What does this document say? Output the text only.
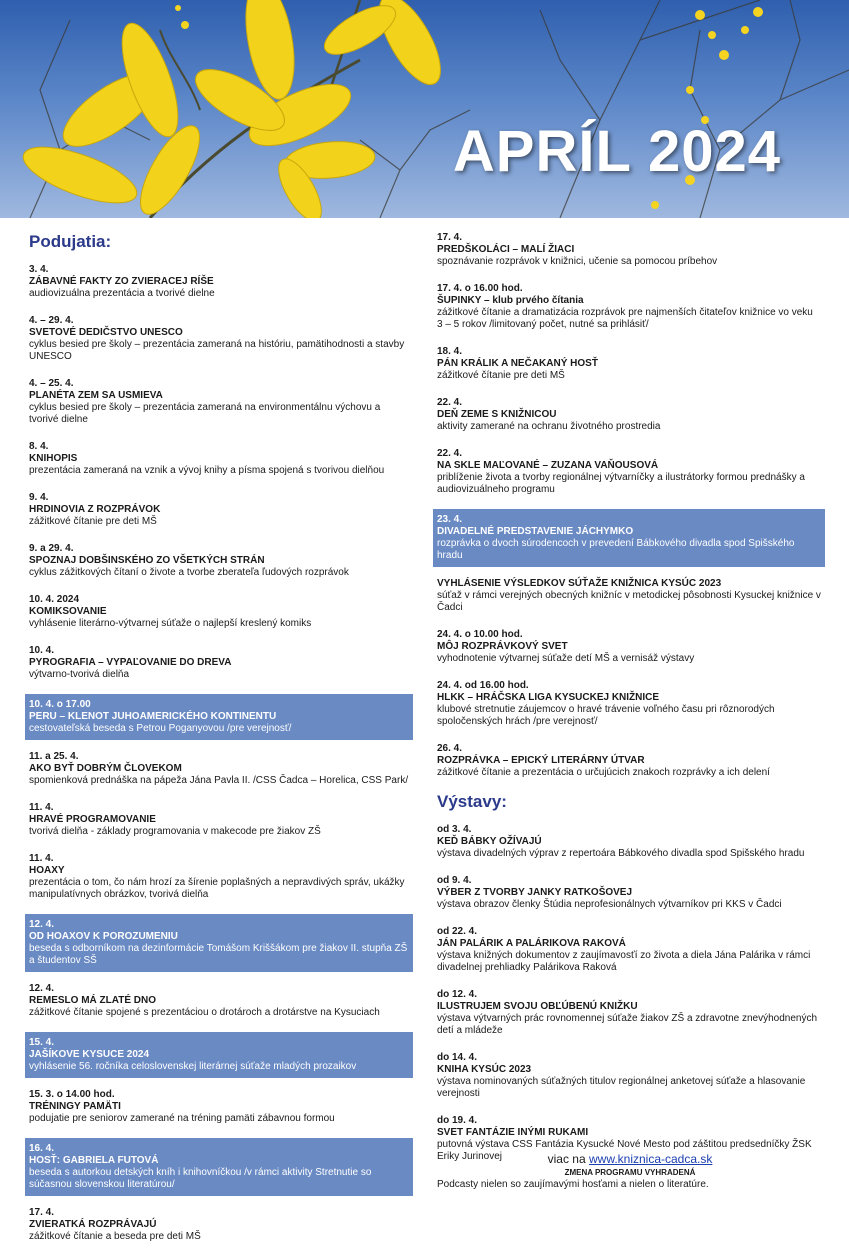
APRÍL 2024
Podujatia:
3. 4.
ZÁBAVNÉ FAKTY ZO ZVIERACEJ RÍŠE
audiovizuálna prezentácia a tvorivé dielne
4. – 29. 4.
SVETOVÉ DEDIČSTVO UNESCO
cyklus besied pre školy – prezentácia zameraná na históriu, pamätihodnosti a stavby UNESCO
4. – 25. 4.
PLANÉTA ZEM SA USMIEVA
cyklus besied pre školy – prezentácia zameraná na environmentálnu výchovu a tvorivé dielne
8. 4.
KNIHOPIS
prezentácia zameraná na vznik a vývoj knihy a písma spojená s tvorivou dielňou
9. 4.
HRDINOVIA Z ROZPRÁVOK
zážitkové čítanie pre deti MŠ
9. a 29. 4.
SPOZNAJ DOBŠINSKÉHO ZO VŠETKÝCH STRÁN
cyklus zážitkových čítaní o živote a tvorbe zberateľa ľudových rozprávok
10. 4. 2024
KOMIKSOVANIE
vyhlásenie literárno-výtvarnej súťaže o najlepší kreslený komiks
10. 4.
PYROGRAFIA – VYPAĽOVANIE DO DREVA
výtvarno-tvorivá dielňa
10. 4. o 17.00
PERU – KLENOT JUHOAMERICKÉHO KONTINENTU
cestovateľská beseda s Petrou Poganyovou /pre verejnosť/
11. a 25. 4.
AKO BYŤ DOBRÝM ČLOVEKOM
spomienková prednáška na pápeža Jána Pavla II. /CSS Čadca – Horelica, CSS Park/
11. 4.
HRAVÉ PROGRAMOVANIE
tvorivá dielňa - základy programovania v makecode pre žiakov ZŠ
11. 4.
HOAXY
prezentácia o tom, čo nám hrozí za šírenie poplašných a nepravdivých správ, ukážky manipulatívnych obrázkov, tvorivá dielňa
12. 4.
OD HOAXOV K POROZUMENIU
beseda s odborníkom na dezinformácie Tomášom Kriššákom pre žiakov II. stupňa ZŠ a študentov SŠ
12. 4.
REMESLO MÁ ZLATÉ DNO
zážitkové čítanie spojené s prezentáciou o drotároch a drotárstve na Kysuciach
15. 4.
JAŠÍKOVE KYSUCE 2024
vyhlásenie 56. ročníka celoslovenskej literárnej súťaže mladých prozaikov
15. 3. o 14.00 hod.
TRÉNINGY PAMÄTI
podujatie pre seniorov zamerané na tréning pamäti zábavnou formou
16. 4.
HOSŤ: GABRIELA FUTOVÁ
beseda s autorkou detských kníh i knihovníčkou /v rámci aktivity Stretnutie so súčasnou slovenskou literatúrou/
17. 4.
ZVIERATKÁ ROZPRÁVAJÚ
zážitkové čítanie a beseda pre deti MŠ
17. 4.
PREDŠKOLÁCI – MALÍ ŽIACI
spoznávanie rozprávok v knižnici, učenie sa pomocou príbehov
17. 4. o 16.00 hod.
ŠUPINKY – klub prvého čítania
zážitkové čítanie a dramatizácia rozprávok pre najmenších čitateľov knižnice vo veku 3 – 5 rokov /limitovaný počet, nutné sa prihlásiť/
18. 4.
PÁN KRÁLIK A NEČAKANÝ HOSŤ
zážitkové čítanie pre deti MŠ
22. 4.
DEŇ ZEME S KNIŽNICOU
aktivity zamerané na ochranu životného prostredia
22. 4.
NA SKLE MAĽOVANÉ – ZUZANA VAŇOUSOVÁ
priblíženie života a tvorby regionálnej výtvarníčky a ilustrátorky formou prednášky a audiovizuálneho programu
23. 4.
DIVADELNÉ PREDSTAVENIE JÁCHYMKO
rozprávka o dvoch súrodencoch v prevedení Bábkového divadla spod Spišského hradu
VYHLÁSENIE VÝSLEDKOV SÚŤAŽE KNIŽNICA KYSÚC 2023
súťaž v rámci verejných obecných knižníc v metodickej pôsobnosti Kysuckej knižnice v Čadci
24. 4. o 10.00 hod.
MÔJ ROZPRÁVKOVÝ SVET
vyhodnotenie výtvarnej súťaže detí MŠ a vernisáž výstavy
24. 4. od 16.00 hod.
HLKK – HRÁČSKA LIGA KYSUCKEJ KNIŽNICE
klubové stretnutie záujemcov o hravé trávenie voľného času pri rôznorodých spoločenských hrách /pre verejnosť/
26. 4.
ROZPRÁVKA – EPICKÝ LITERÁRNY ÚTVAR
zážitkové čítanie a prezentácia o určujúcich znakoch rozprávky a ich delení
Výstavy:
od 3. 4.
KEĎ BÁBKY OŽÍVAJÚ
výstava divadelných výprav z repertoára Bábkového divadla spod Spišského hradu
od 9. 4.
VÝBER Z TVORBY JANKY RATKOŠOVEJ
výstava obrazov členky Štúdia neprofesionálnych výtvarníkov pri KKS v Čadci
od 22. 4.
JÁN PALÁRIK A PALÁRIKOVA RAKOVÁ
výstava knižných dokumentov z zaujímavosťí zo života a diela Jána Palárika v rámci divadelnej prehliadky Palárikova Raková
do 12. 4.
ILUSTRUJEM SVOJU OBĽÚBENÚ KNIŽKU
výstava výtvarných prác rovnomennej súťaže žiakov ZŠ a zdravotne znevýhodnených detí a mládeže
do 14. 4.
KNIHA KYSÚC 2023
výstava nominovaných súťažných titulov regionálnej anketovej súťaže a hlasovanie verejnosti
do 19. 4.
SVET FANTÁZIE INÝMI RUKAMI
putovná výstava CSS Fantázia Kysucké Nové Mesto pod záštitou predsedníčky ŽSK Eriky Jurinovej
Podcasty nielen so zaujímavými hosťami a nielen o literatúre.
viac na www.kniznica-cadca.sk
ZMENA PROGRAMU VYHRADENÁ
